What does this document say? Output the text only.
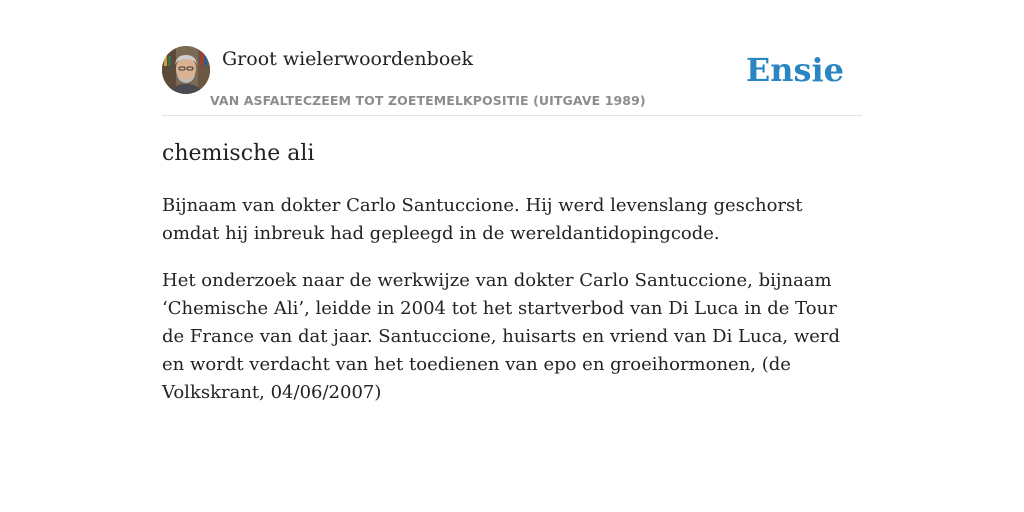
Groot wielerwoordenboek
VAN ASFALTECZEEM TOT ZOETEMELKPOSITIE (UITGAVE 1989)
Ensie
chemische ali

Bijnaam van dokter Carlo Santuccione. Hij werd levenslang geschorst omdat hij inbreuk had gepleegd in de wereldantidopingcode.

Het onderzoek naar de werkwijze van dokter Carlo Santuccione, bijnaam ‘Chemische Ali’, leidde in 2004 tot het startverbod van Di Luca in de Tour de France van dat jaar. Santuccione, huisarts en vriend van Di Luca, werd en wordt verdacht van het toedienen van epo en groeihormonen, (de Volkskrant, 04/06/2007)
